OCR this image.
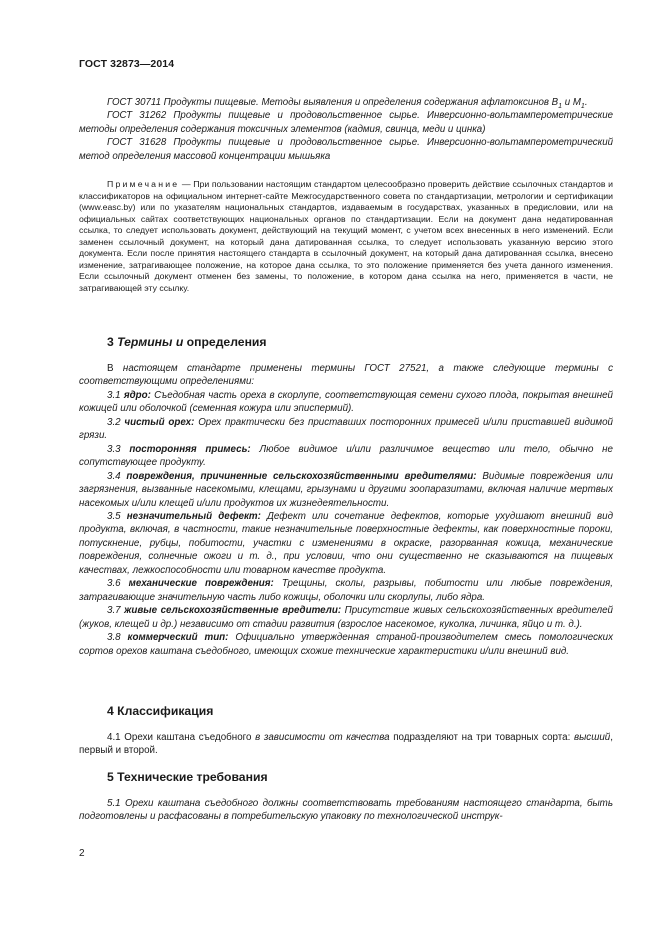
ГОСТ 32873—2014

ГОСТ 30711 Продукты пищевые. Методы выявления и определения содержания афлатоксинов $В_1$ и $М_1$.

ГОСТ 31262 Продукты пищевые и продовольственное сырье. Инверсионно-вольтамперометрические методы определения содержания токсичных элементов (кадмия, свинца, меди и цинка)

ГОСТ 31628 Продукты пищевые и продовольственное сырье. Инверсионно-вольтамперометрический метод определения массовой концентрации мышьяка

Примечание — При пользовании настоящим стандартом целесообразно проверить действие ссылочных стандартов и классификаторов на официальном интернет-сайте Межгосударственного совета по стандартизации, метрологии и сертификации (www.easc.by) или по указателям национальных стандартов, издаваемым в государствах, указанных в предисловии, или на официальных сайтах соответствующих национальных органов по стандартизации. Если на документ дана недатированная ссылка, то следует использовать документ, действующий на текущий момент, с учетом всех внесенных в него изменений. Если заменен ссылочный документ, на который дана датированная ссылка, то следует использовать указанную версию этого документа. Если после принятия настоящего стандарта в ссылочный документ, на который дана датированная ссылка, внесено изменение, затрагивающее положение, на которое дана ссылка, то это положение применяется без учета данного изменения. Если ссылочный документ отменен без замены, то положение, в котором дана ссылка на него, применяется в части, не затрагивающей эту ссылку.

3 Термины и определения

В настоящем стандарте применены термины ГОСТ 27521, а также следующие термины с соответствующими определениями:

3.1 ядро: Съедобная часть ореха в скорлупе, соответствующая семени сухого плода, покрытая внешней кожицей или оболочкой (семенная кожура или эписпермий).

3.2 чистый орех: Орех практически без приставших посторонних примесей и/или приставшей видимой грязи.

3.3 посторонняя примесь: Любое видимое и/или различимое вещество или тело, обычно не сопутствующее продукту.

3.4 повреждения, причиненные сельскохозяйственными вредителями: Видимые повреждения или загрязнения, вызванные насекомыми, клещами, грызунами и другими зоопаразитами, включая наличие мертвых насекомых и/или клещей и/или продуктов их жизнедеятельности.

3.5 незначительный дефект: Дефект или сочетание дефектов, которые ухудшают внешний вид продукта, включая, в частности, такие незначительные поверхностные дефекты, как поверхностные пороки, потускнение, рубцы, побитости, участки с изменениями в окраске, разорванная кожица, механические повреждения, солнечные ожоги и т. д., при условии, что они существенно не сказываются на пищевых качествах, лежкоспособности или товарном качестве продукта.

3.6 механические повреждения: Трещины, сколы, разрывы, побитости или любые повреждения, затрагивающие значительную часть либо кожицы, оболочки или скорлупы, либо ядра.

3.7 живые сельскохозяйственные вредители: Присутствие живых сельскохозяйственных вредителей (жуков, клещей и др.) независимо от стадии развития (взрослое насекомое, куколка, личинка, яйцо и т. д.).

3.8 коммерческий тип: Официально утвержденная страной-производителем смесь помологических сортов орехов каштана съедобного, имеющих схожие технические характеристики и/или внешний вид.

4 Классификация

4.1 Орехи каштана съедобного в зависимости от качества подразделяют на три товарных сорта: высший, первый и второй.

5 Технические требования

5.1 Орехи каштана съедобного должны соответствовать требованиям настоящего стандарта, быть подготовлены и расфасованы в потребительскую упаковку по технологической инструк-

2
